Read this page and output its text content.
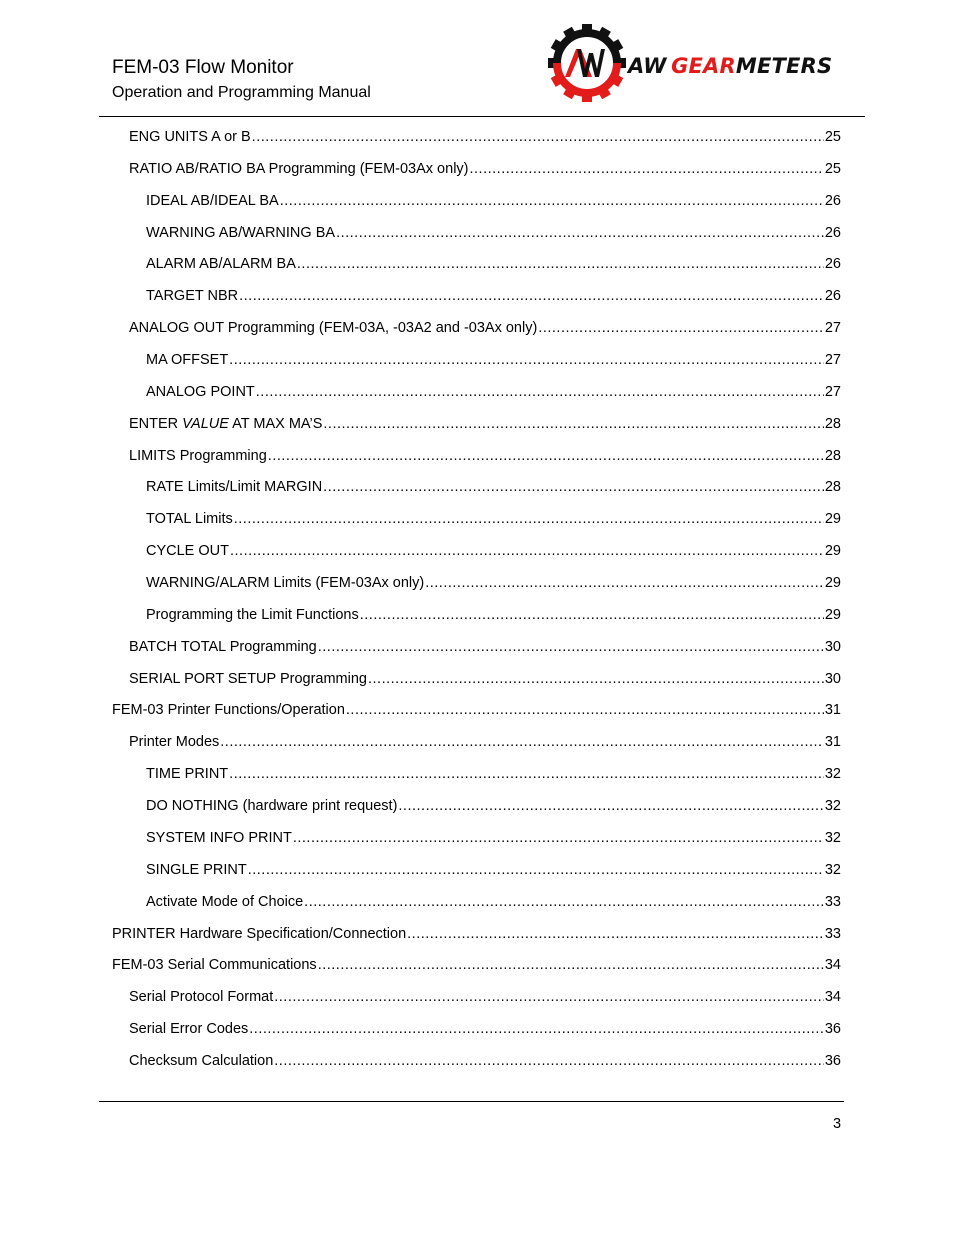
FEM-03 Flow Monitor
Operation and Programming Manual
AW  GEARMETERS
ENG UNITS A or B .....	25
RATIO AB/RATIO BA Programming (FEM-03Ax only) .....	25
IDEAL AB/IDEAL BA .....	26
WARNING AB/WARNING BA .....	26
ALARM AB/ALARM BA .....	26
TARGET NBR .....	26
ANALOG OUT Programming (FEM-03A, -03A2 and -03Ax only) .....	27
MA OFFSET .....	27
ANALOG POINT .....	27
ENTER VALUE AT MAX MA’S .....	28
LIMITS Programming .....	28
RATE Limits/Limit MARGIN .....	28
TOTAL Limits .....	29
CYCLE OUT .....	29
WARNING/ALARM Limits (FEM-03Ax only) .....	29
Programming the Limit Functions .....	29
BATCH TOTAL Programming .....	30
SERIAL PORT SETUP Programming .....	30
FEM-03 Printer Functions/Operation .....	31
Printer Modes .....	31
TIME PRINT .....	32
DO NOTHING (hardware print request) .....	32
SYSTEM INFO PRINT .....	32
SINGLE PRINT .....	32
Activate Mode of Choice .....	33
PRINTER Hardware Specification/Connection .....	33
FEM-03 Serial Communications .....	34
Serial Protocol Format .....	34
Serial Error Codes .....	36
Checksum Calculation .....	36
3
